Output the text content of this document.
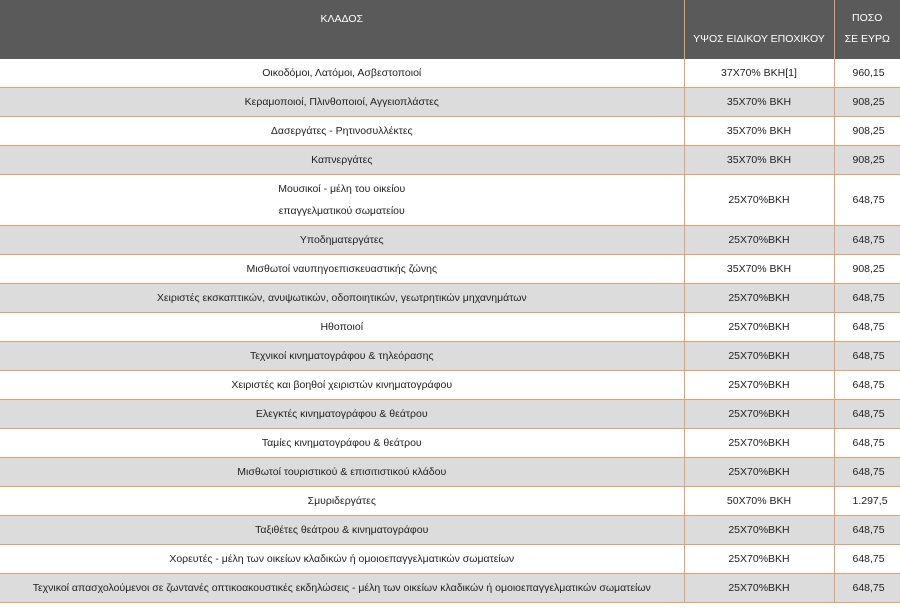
ΚΛΑΔΟΣ	ΥΨΟΣ ΕΙΔΙΚΟΥ ΕΠΟΧΙΚΟΥ	ΠΟΣΟ
ΣΕ ΕΥΡΩ

Οικοδόμοι, Λατόμοι, Ασβεστοποιοί	37X70% ΒΚΗ[1]	960,15
Κεραμοποιοί, Πλινθοποιοί, Αγγειοπλάστες	35X70% ΒΚΗ	908,25
Δασεργάτες - Ρητινοσυλλέκτες	35X70% ΒΚΗ	908,25
Καπνεργάτες	35X70% ΒΚΗ	908,25

Μουσικοί - μέλη του οικείου
επαγγελματικού σωματείου	25X70%ΒΚΗ	648,75
Υποδηματεργάτες	25X70%ΒΚΗ	648,75
Μισθωτοί ναυπηγοεπισκευαστικής ζώνης	35X70% ΒΚΗ	908,25
Χειριστές εκσκαπτικών, ανυψωτικών, οδοποιητικών, γεωτρητικών μηχανημάτων	25X70%ΒΚΗ	648,75
Ηθοποιοί	25X70%ΒΚΗ	648,75
Τεχνικοί κινηματογράφου & τηλεόρασης	25X70%ΒΚΗ	648,75
Χειριστές και βοηθοί χειριστών κινηματογράφου	25X70%ΒΚΗ	648,75
Ελεγκτές κινηματογράφου & θεάτρου	25X70%ΒΚΗ	648,75
Ταμίες κινηματογράφου & θεάτρου	25X70%ΒΚΗ	648,75
Μισθωτοί τουριστικού & επισιτιστικού κλάδου	25X70%ΒΚΗ	648,75
Σμυριδεργάτες	50X70% ΒΚΗ	1.297,5
Ταξιθέτες θεάτρου & κινηματογράφου	25X70%ΒΚΗ	648,75
Χορευτές - μέλη των οικείων κλαδικών ή ομοιοεπαγγελματικών σωματείων	25X70%ΒΚΗ	648,75
Τεχνικοί απασχολούμενοι σε ζωντανές οπτικοακουστικές εκδηλώσεις - μέλη των οικείων κλαδικών ή ομοιοεπαγγελματικών σωματείων	25X70%ΒΚΗ	648,75
